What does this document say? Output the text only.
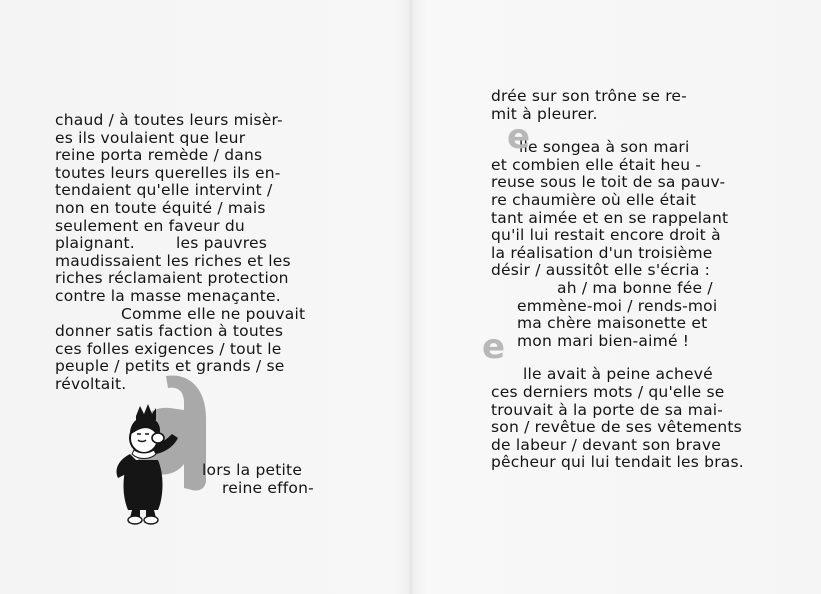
chaud / à toutes leurs misèr-
es ils voulaient que leur
reine porta remède / dans
toutes leurs querelles ils en-
tendaient qu'elle intervint /
non en toute équité / mais
seulement en faveur du
plaignant.        les pauvres
maudissaient les riches et les
riches réclamaient protection
contre la masse menaçante.
Comme elle ne pouvait
donner satis faction à toutes
ces folles exigences / tout le
peuple / petits et grands / se
révoltait.
lors la petite
reine effon-
drée sur son trône se re-
mit à pleurer.
lle songea à son mari
et combien elle était heu -
reuse sous le toit de sa pauv-
re chaumière où elle était
tant aimée et en se rappelant
qu'il lui restait encore droit à
la réalisation d'un troisième
désir / aussitôt elle s'écria :
ah / ma bonne fée /
emmène-moi / rends-moi
ma chère maisonette et
mon mari bien-aimé !
lle avait à peine achevé
ces derniers mots / qu'elle se
trouvait à la porte de sa mai-
son / revêtue de ses vêtements
de labeur / devant son brave
pêcheur qui lui tendait les bras.
e
e
